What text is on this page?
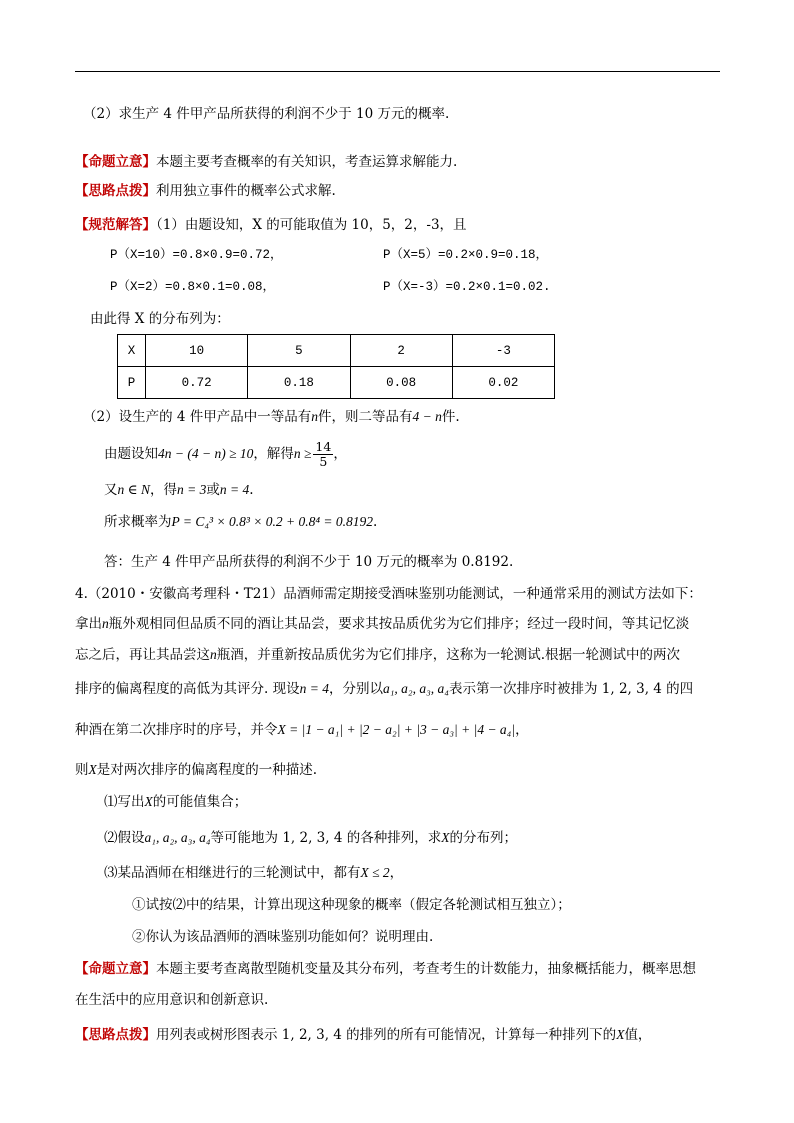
（2）求生产 4 件甲产品所获得的利润不少于 10 万元的概率.
【命题立意】本题主要考查概率的有关知识，考查运算求解能力.
【思路点拨】利用独立事件的概率公式求解.
【规范解答】（1）由题设知，X 的可能取值为 10，5，2，-3，且
P（X=10）=0.8×0.9=0.72，	P（X=5）=0.2×0.9=0.18，
P（X=2）=0.8×0.1=0.08，	P（X=-3）=0.2×0.1=0.02.
由此得 X 的分布列为：
X	10	5	2	-3
P	0.72	0.18	0.08	0.02
（2）设生产的 4 件甲产品中一等品有n件，则二等品有4 − n件.
由题设知4n − (4 − n) ≥ 10，解得$n \ge \frac{14}{5}$ ，
又n ∈ N，得n = 3或n = 4.
所求概率为P = C₄³ × 0.8³ × 0.2 + 0.8⁴ = 0.8192.
答：生产 4 件甲产品所获得的利润不少于 10 万元的概率为 0.8192.
4.（2010・安徽高考理科・T21）品酒师需定期接受酒味鉴别功能测试，一种通常采用的测试方法如下：
拿出n瓶外观相同但品质不同的酒让其品尝，要求其按品质优劣为它们排序；经过一段时间，等其记忆淡
忘之后，再让其品尝这n瓶酒，并重新按品质优劣为它们排序，这称为一轮测试.根据一轮测试中的两次
排序的偏离程度的高低为其评分. 现设n = 4，分别以a₁, a₂, a₃, a₄表示第一次排序时被排为 1, 2, 3, 4 的四
种酒在第二次排序时的序号，并令X = |1 − a₁| + |2 − a₂| + |3 − a₃| + |4 − a₄|，
则X是对两次排序的偏离程度的一种描述.
⑴写出X的可能值集合；
⑵假设a₁, a₂, a₃, a₄等可能地为 1, 2, 3, 4 的各种排列，求X的分布列；
⑶某品酒师在相继进行的三轮测试中，都有X ≤ 2，
①试按⑵中的结果，计算出现这种现象的概率（假定各轮测试相互独立）；
②你认为该品酒师的酒味鉴别功能如何？说明理由.
【命题立意】本题主要考查离散型随机变量及其分布列，考查考生的计数能力，抽象概括能力，概率思想
在生活中的应用意识和创新意识.
【思路点拨】用列表或树形图表示 1, 2, 3, 4 的排列的所有可能情况，计算每一种排列下的X值，
